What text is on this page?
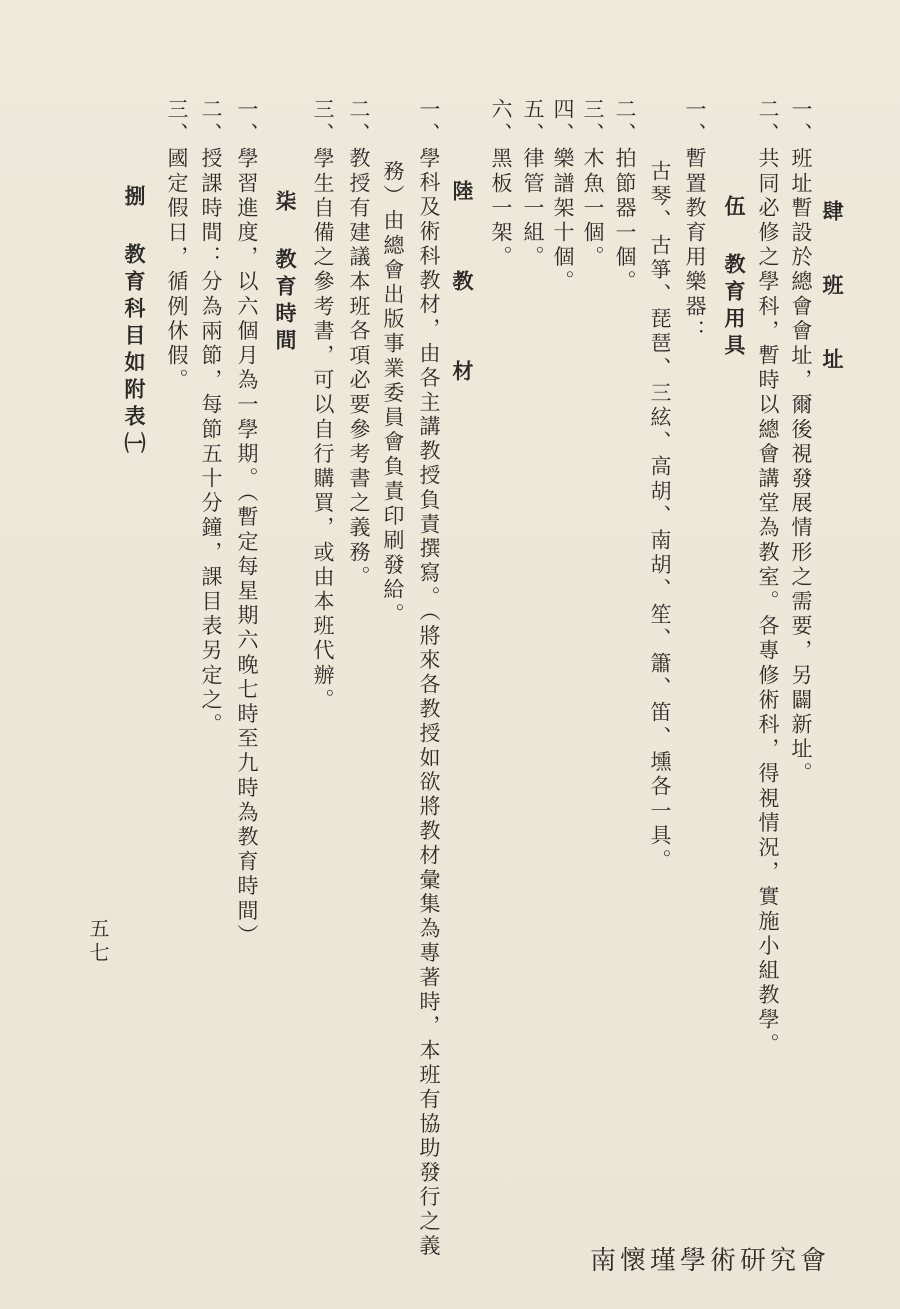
肆 班 址
一、班址暫設於總會會址，爾後視發展情形之需要，另闢新址。
二、共同必修之學科，暫時以總會講堂為教室。各專修術科，得視情況，實施小組教學。
伍 教育用具
一、暫置教育用樂器：
古琴、古箏、琵琶、三絃、高胡、南胡、笙、簫、笛、壎各一具。
二、拍節器一個。
三、木魚一個。
四、樂譜架十個。
五、律管一組。
六、黑板一架。
陸 教 材
一、學科及術科教材，由各主講教授負責撰寫。（將來各教授如欲將教材彙集為專著時，本班有協助發行之義
務）由總會出版事業委員會負責印刷發給。
二、教授有建議本班各項必要參考書之義務。
三、學生自備之參考書，可以自行購買，或由本班代辦。
柒 教育時間
一、學習進度，以六個月為一學期。（暫定每星期六晚七時至九時為教育時間）
二、授課時間：分為兩節，每節五十分鐘，課目表另定之。
三、國定假日，循例休假。
捌 教育科目如附表㈠
五七
南懷瑾學術研究會
